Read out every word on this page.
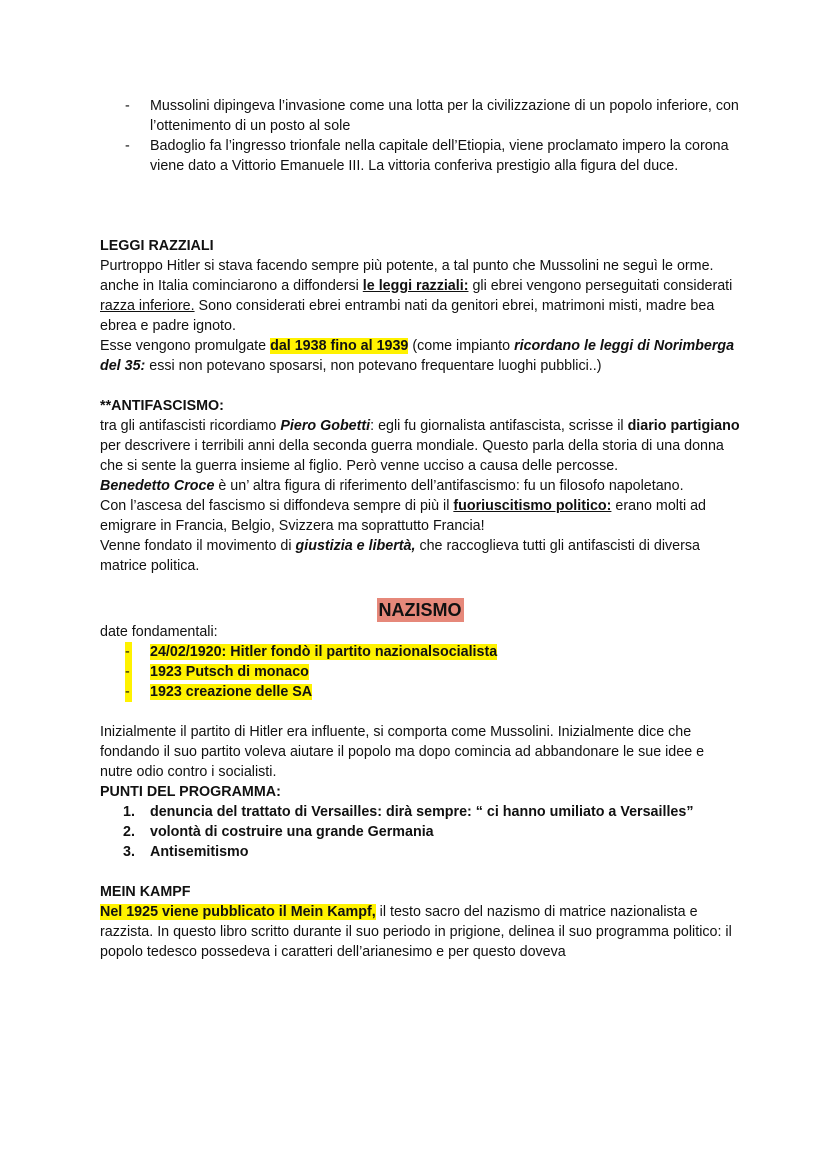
- Mussolini dipingeva l’invasione come una lotta per la civilizzazione di un popolo inferiore, con l’ottenimento di un posto al sole
- Badoglio fa l’ingresso trionfale nella capitale dell’Etiopia, viene proclamato impero la corona viene dato a Vittorio Emanuele III. La vittoria conferiva prestigio alla figura del duce.

LEGGI RAZZIALI

Purtroppo Hitler si stava facendo sempre più potente, a tal punto che Mussolini ne seguì le orme.

anche in Italia cominciarono a diffondersi le leggi razziali: gli ebrei vengono perseguitati considerati razza inferiore. Sono considerati ebrei entrambi nati da genitori ebrei, matrimoni misti, madre bea ebrea e padre ignoto.

Esse vengono promulgate dal 1938 fino al 1939 (come impianto ricordano le leggi di Norimberga del 35: essi non potevano sposarsi, non potevano frequentare luoghi pubblici..)

**ANTIFASCISMO:

tra gli antifascisti ricordiamo Piero Gobetti: egli fu giornalista antifascista, scrisse il diario partigiano per descrivere i terribili anni della seconda guerra mondiale. Questo parla della storia di una donna che si sente la guerra insieme al figlio. Però venne ucciso a causa delle percosse.

Benedetto Croce è un’ altra figura di riferimento dell’antifascismo: fu un filosofo napoletano.

Con l’ascesa del fascismo si diffondeva sempre di più il fuoriuscitismo politico: erano molti ad emigrare in Francia, Belgio, Svizzera ma soprattutto Francia!

Venne fondato il movimento di giustizia e libertà, che raccoglieva tutti gli antifascisti di diversa matrice politica.

NAZISMO

date fondamentali:

- 24/02/1920: Hitler fondò il partito nazionalsocialista
- 1923 Putsch di monaco
- 1923 creazione delle SA

Inizialmente il partito di Hitler era influente, si comporta come Mussolini. Inizialmente dice che fondando il suo partito voleva aiutare il popolo ma dopo comincia ad abbandonare le sue idee e nutre odio contro i socialisti.

PUNTI DEL PROGRAMMA:

1. denuncia del trattato di Versailles: dirà sempre: “ ci hanno umiliato a Versailles”
2. volontà di costruire una grande Germania
3. Antisemitismo

MEIN KAMPF

Nel 1925 viene pubblicato il Mein Kampf, il testo sacro del nazismo di matrice nazionalista e razzista. In questo libro scritto durante il suo periodo in prigione, delinea il suo programma politico: il popolo tedesco possedeva i caratteri dell’arianesimo e per questo doveva
